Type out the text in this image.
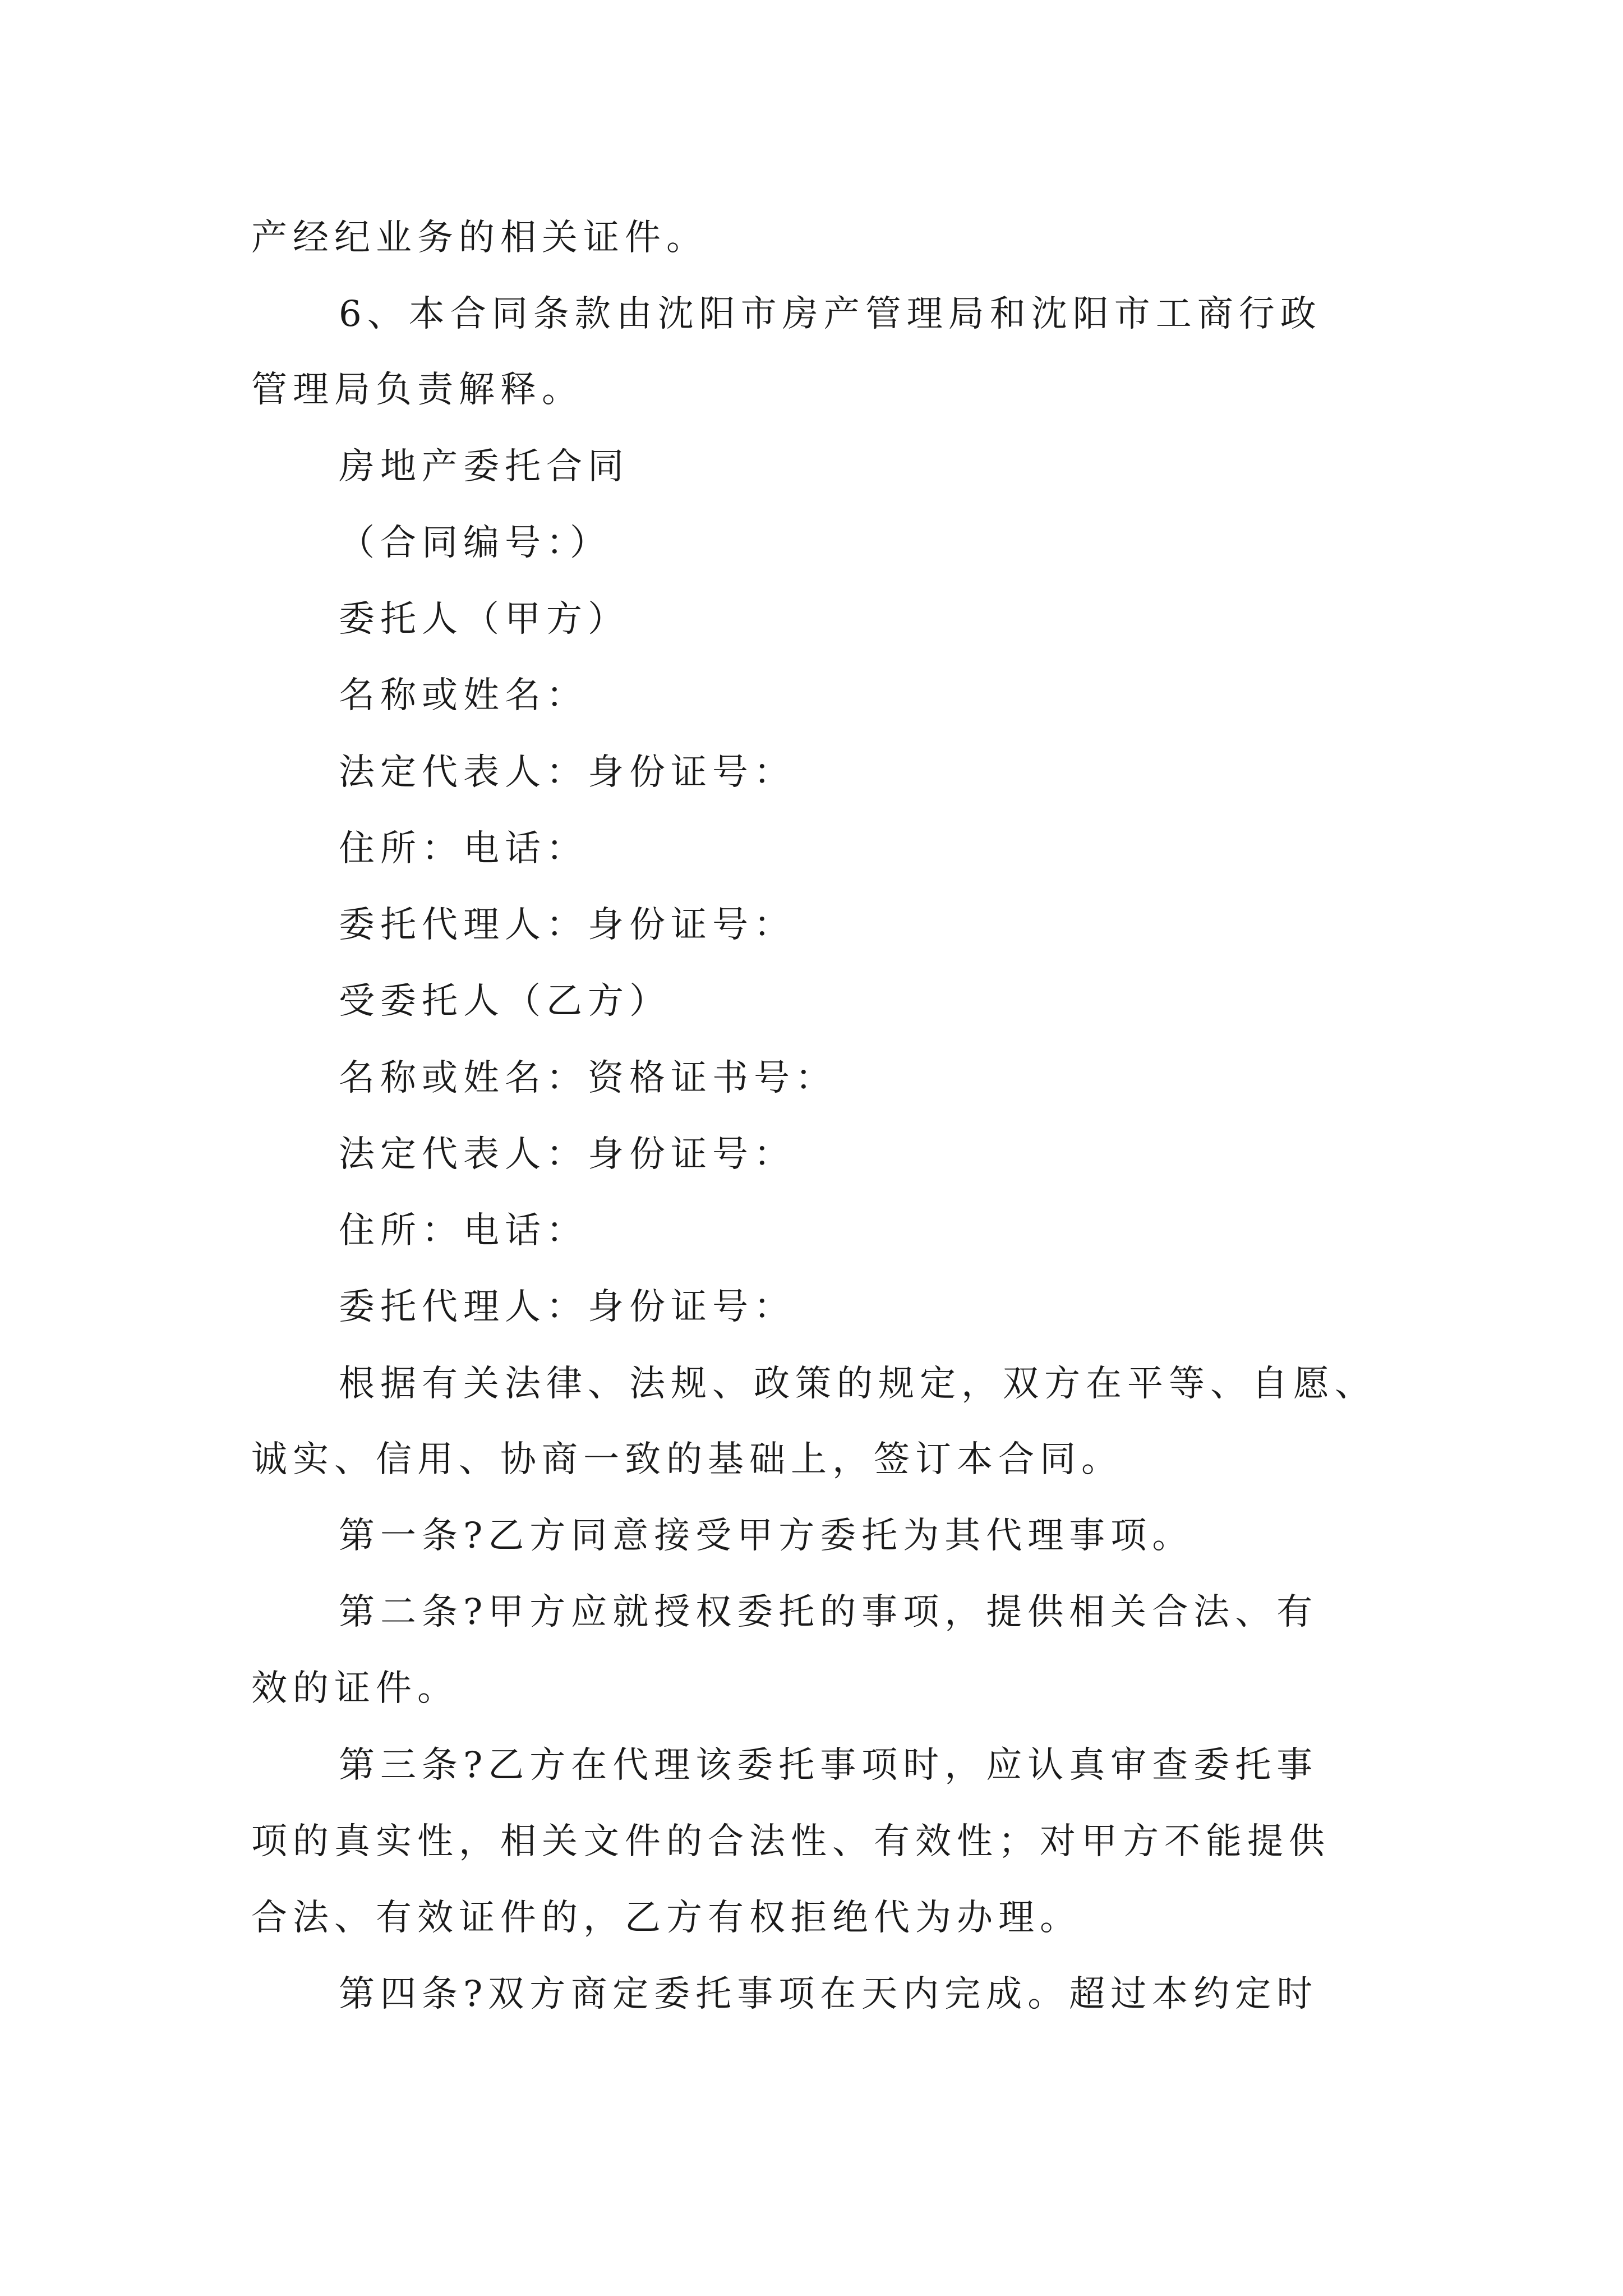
产经纪业务的相关证件。
6、本合同条款由沈阳市房产管理局和沈阳市工商行政
管理局负责解释。
房地产委托合同
（合同编号：）
委托人（甲方）
名称或姓名：
法定代表人：身份证号：
住所：电话：
委托代理人：身份证号：
受委托人（乙方）
名称或姓名：资格证书号：
法定代表人：身份证号：
住所：电话：
委托代理人：身份证号：
根据有关法律、法规、政策的规定，双方在平等、自愿、
诚实、信用、协商一致的基础上，签订本合同。
第一条?乙方同意接受甲方委托为其代理事项。
第二条?甲方应就授权委托的事项，提供相关合法、有
效的证件。
第三条?乙方在代理该委托事项时，应认真审查委托事
项的真实性，相关文件的合法性、有效性；对甲方不能提供
合法、有效证件的，乙方有权拒绝代为办理。
第四条?双方商定委托事项在天内完成。超过本约定时
